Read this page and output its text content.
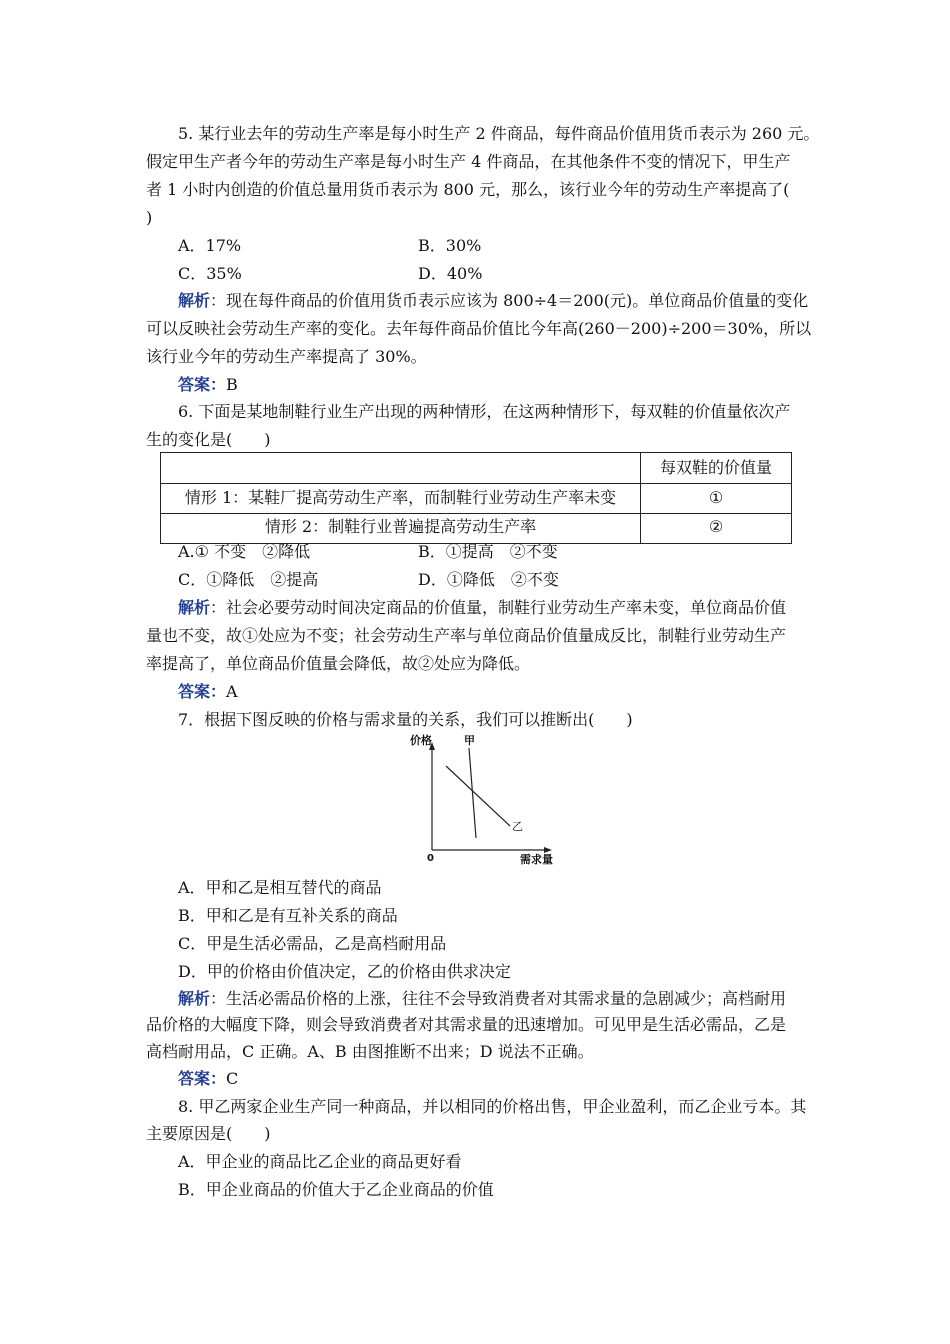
5. 某行业去年的劳动生产率是每小时生产 2 件商品，每件商品价值用货币表示为 260 元。
假定甲生产者今年的劳动生产率是每小时生产 4 件商品，在其他条件不变的情况下，甲生产
者 1 小时内创造的价值总量用货币表示为 800 元，那么，该行业今年的劳动生产率提高了(
)
A．17%	B．30%
C．35%	D．40%
解析：现在每件商品的价值用货币表示应该为 800÷4＝200(元)。单位商品价值量的变化
可以反映社会劳动生产率的变化。去年每件商品价值比今年高(260－200)÷200＝30%，所以
该行业今年的劳动生产率提高了 30%。
答案：B
6. 下面是某地制鞋行业生产出现的两种情形，在这两种情形下，每双鞋的价值量依次产
生的变化是(　　)
每双鞋的价值量
情形 1：某鞋厂提高劳动生产率，而制鞋行业劳动生产率未变	①
情形 2：制鞋行业普遍提高劳动生产率	②
A.① 不变　②降低	B．①提高　②不变
C．①降低　②提高	D．①降低　②不变
解析：社会必要劳动时间决定商品的价值量，制鞋行业劳动生产率未变，单位商品价值
量也不变，故①处应为不变；社会劳动生产率与单位商品价值量成反比，制鞋行业劳动生产
率提高了，单位商品价值量会降低，故②处应为降低。
答案：A
7．根据下图反映的价格与需求量的关系，我们可以推断出(　　)
价格	甲
乙
0	需求量
A．甲和乙是相互替代的商品
B．甲和乙是有互补关系的商品
C．甲是生活必需品，乙是高档耐用品
D．甲的价格由价值决定，乙的价格由供求决定
解析：生活必需品价格的上涨，往往不会导致消费者对其需求量的急剧减少；高档耐用
品价格的大幅度下降，则会导致消费者对其需求量的迅速增加。可见甲是生活必需品，乙是
高档耐用品，C 正确。A、B 由图推断不出来；D 说法不正确。
答案：C
8. 甲乙两家企业生产同一种商品，并以相同的价格出售，甲企业盈利，而乙企业亏本。其
主要原因是(　　)
A．甲企业的商品比乙企业的商品更好看
B．甲企业商品的价值大于乙企业商品的价值
